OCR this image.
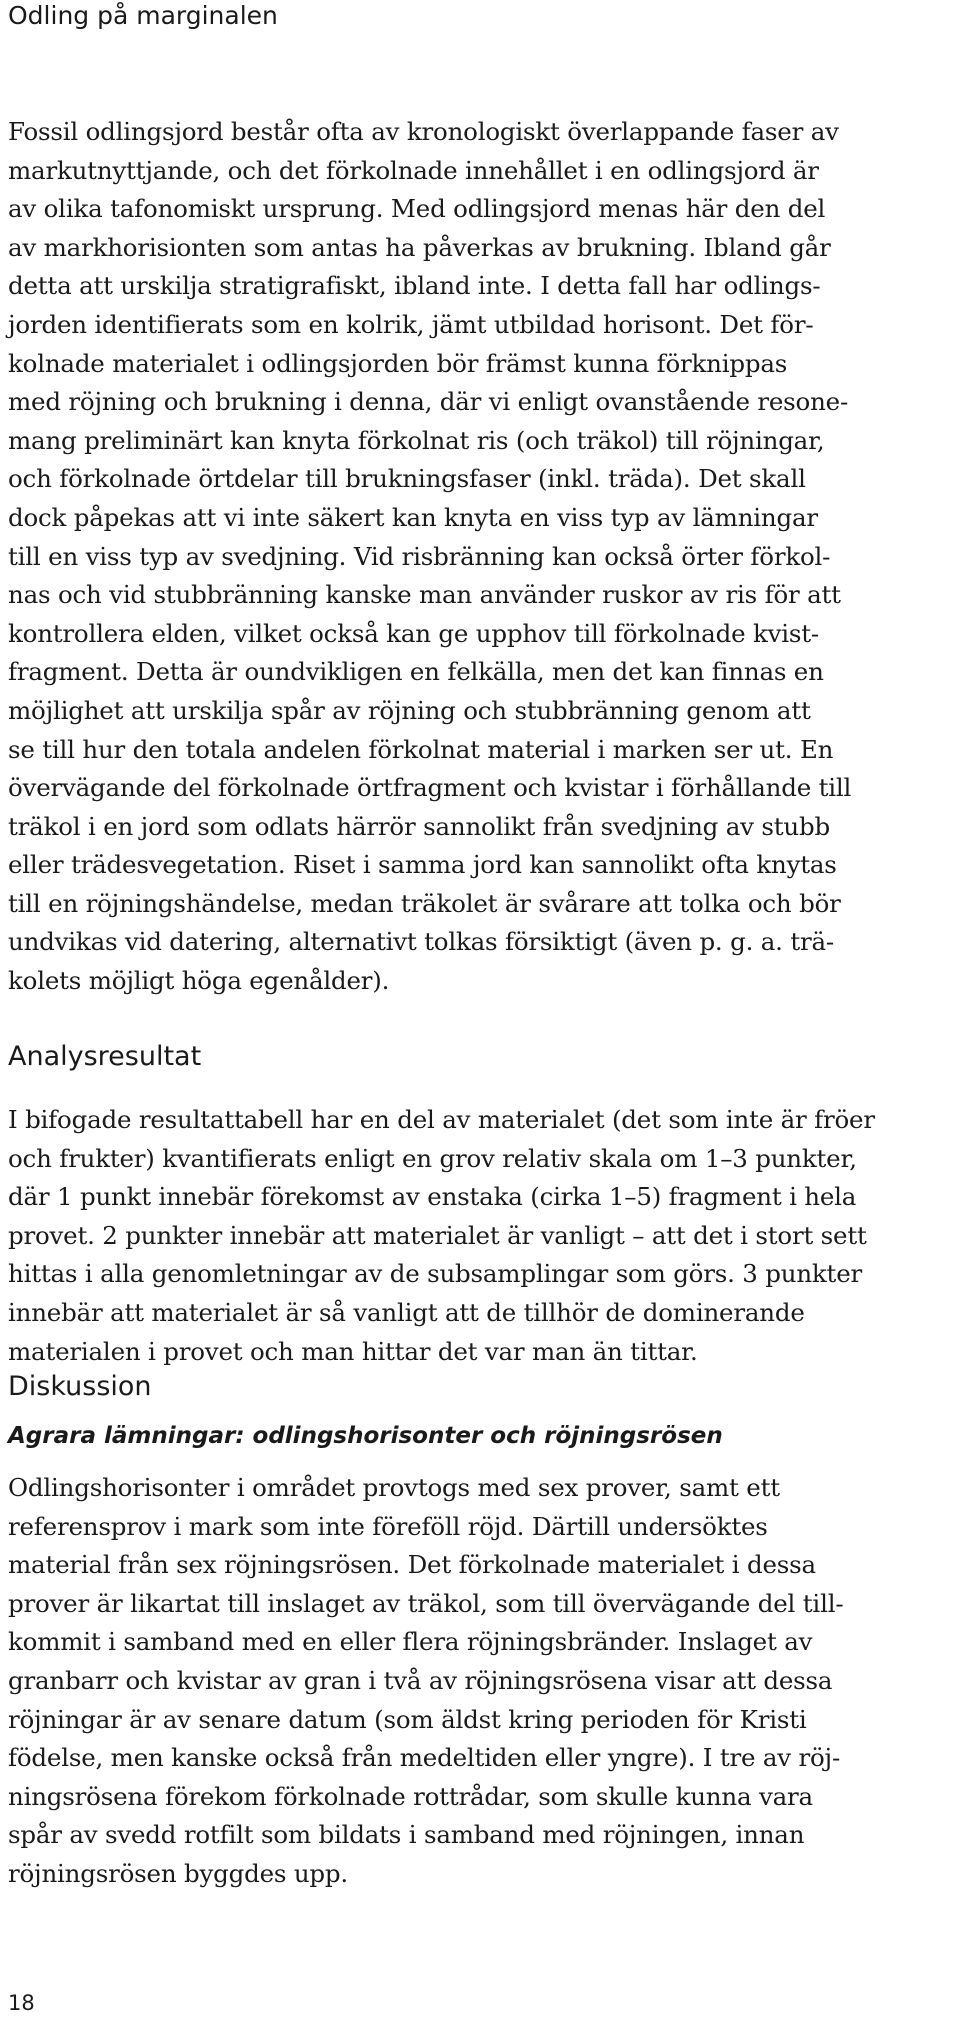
Odling på marginalen

Fossil odlingsjord består ofta av kronologiskt överlappande faser av
markutnyttjande, och det förkolnade innehållet i en odlingsjord är
av olika tafonomiskt ursprung. Med odlingsjord menas här den del
av markhorisionten som antas ha påverkas av brukning. Ibland går
detta att urskilja stratigrafiskt, ibland inte. I detta fall har odlings-
jorden identifierats som en kolrik, jämt utbildad horisont. Det för-
kolnade materialet i odlingsjorden bör främst kunna förknippas
med röjning och brukning i denna, där vi enligt ovanstående resone-
mang preliminärt kan knyta förkolnat ris (och träkol) till röjningar,
och förkolnade örtdelar till brukningsfaser (inkl. träda). Det skall
dock påpekas att vi inte säkert kan knyta en viss typ av lämningar
till en viss typ av svedjning. Vid risbränning kan också örter förkol-
nas och vid stubbränning kanske man använder ruskor av ris för att
kontrollera elden, vilket också kan ge upphov till förkolnade kvist-
fragment. Detta är oundvikligen en felkälla, men det kan finnas en
möjlighet att urskilja spår av röjning och stubbränning genom att
se till hur den totala andelen förkolnat material i marken ser ut. En
övervägande del förkolnade örtfragment och kvistar i förhållande till
träkol i en jord som odlats härrör sannolikt från svedjning av stubb
eller trädesvegetation. Riset i samma jord kan sannolikt ofta knytas
till en röjningshändelse, medan träkolet är svårare att tolka och bör
undvikas vid datering, alternativt tolkas försiktigt (även p. g. a. trä-
kolets möjligt höga egenålder).

Analysresultat

I bifogade resultattabell har en del av materialet (det som inte är fröer
och frukter) kvantifierats enligt en grov relativ skala om 1–3 punkter,
där 1 punkt innebär förekomst av enstaka (cirka 1–5) fragment i hela
provet. 2 punkter innebär att materialet är vanligt – att det i stort sett
hittas i alla genomletningar av de subsamplingar som görs. 3 punkter
innebär att materialet är så vanligt att de tillhör de dominerande
materialen i provet och man hittar det var man än tittar.

Diskussion
Agrara lämningar: odlingshorisonter och röjningsrösen

Odlingshorisonter i området provtogs med sex prover, samt ett
referensprov i mark som inte föreföll röjd. Därtill undersöktes
material från sex röjningsrösen. Det förkolnade materialet i dessa
prover är likartat till inslaget av träkol, som till övervägande del till-
kommit i samband med en eller flera röjningsbränder. Inslaget av
granbarr och kvistar av gran i två av röjningsrösena visar att dessa
röjningar är av senare datum (som äldst kring perioden för Kristi
födelse, men kanske också från medeltiden eller yngre). I tre av röj-
ningsrösena förekom förkolnade rottrådar, som skulle kunna vara
spår av svedd rotfilt som bildats i samband med röjningen, innan
röjningsrösen byggdes upp.

18
